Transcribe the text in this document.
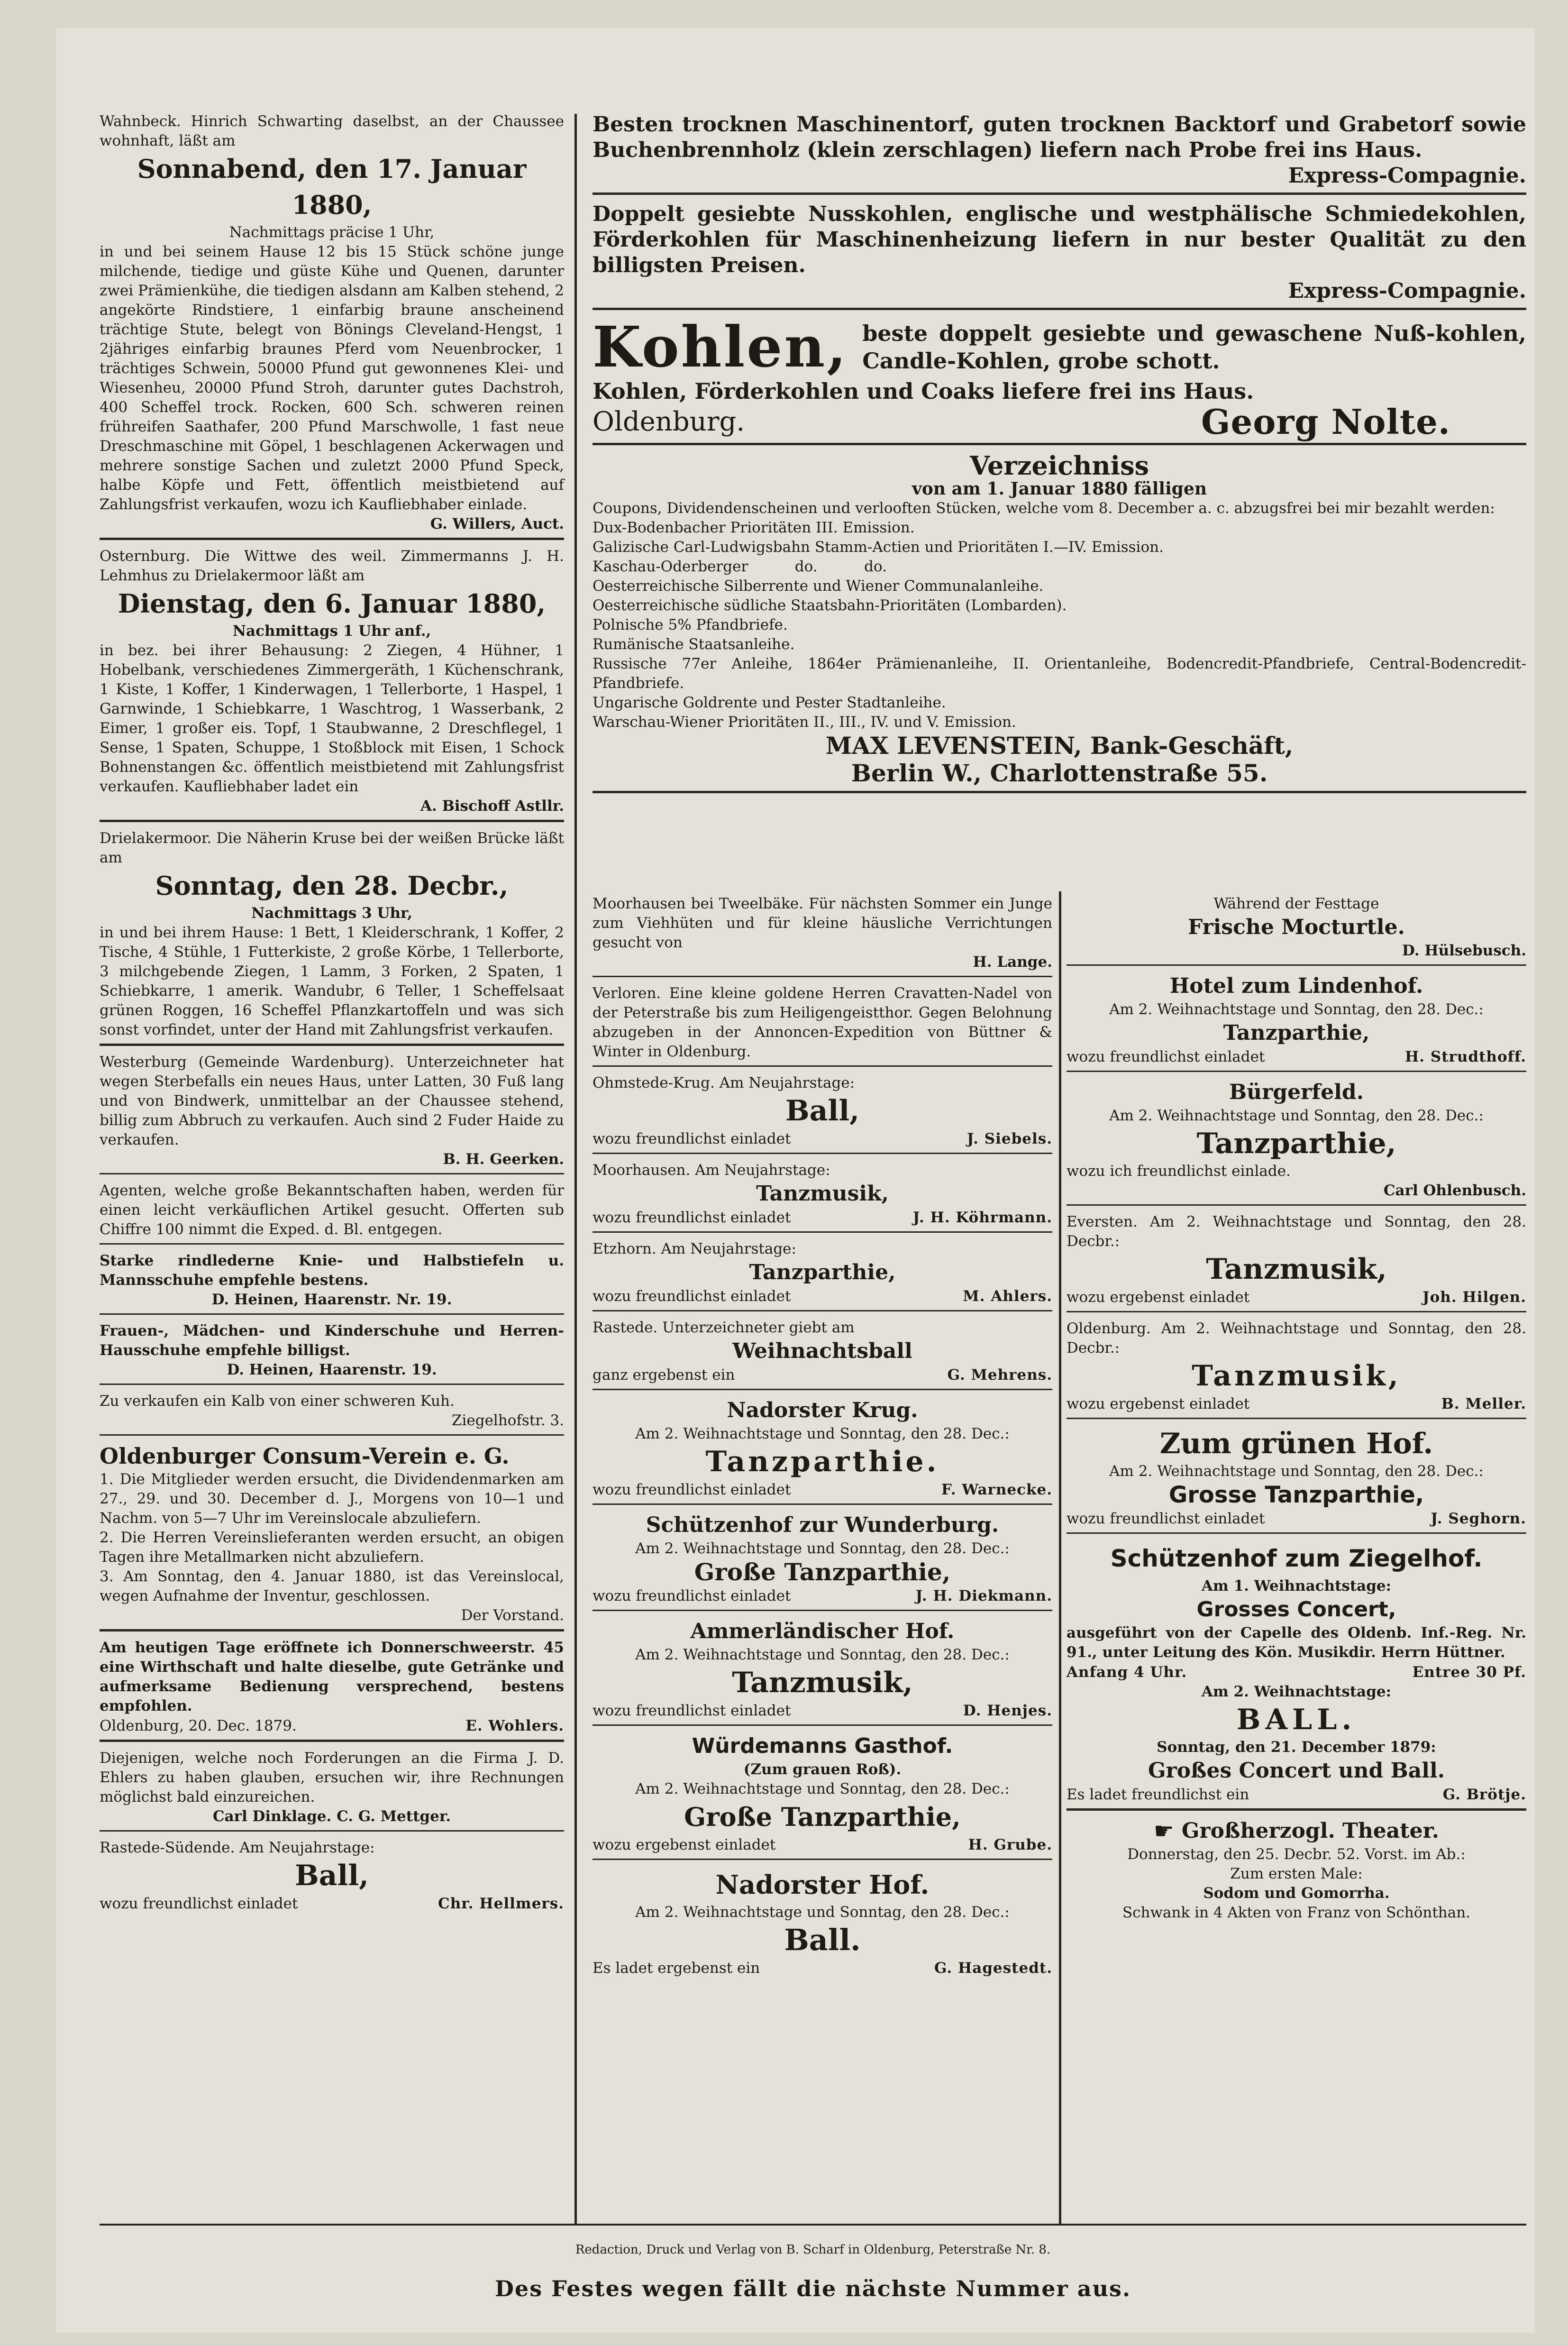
Wahnbeck. Hinrich Schwarting daselbst, an der Chaussee wohnhaft, läßt am

Sonnabend, den 17. Januar 1880,

Nachmittags präcise 1 Uhr,

in und bei seinem Hause 12 bis 15 Stück schöne junge milchende, tiedige und güste Kühe und Quenen, darunter zwei Prämienkühe, die tiedigen alsdann am Kalben stehend, 2 angekörte Rindstiere, 1 einfarbig braune anscheinend trächtige Stute, belegt von Bönings Cleveland-Hengst, 1 2jähriges einfarbig braunes Pferd vom Neuenbrocker, 1 trächtiges Schwein, 50000 Pfund gut gewonnenes Klei- und Wiesenheu, 20000 Pfund Stroh, darunter gutes Dachstroh, 400 Scheffel trock. Rocken, 600 Sch. schweren reinen frühreifen Saathafer, 200 Pfund Marschwolle, 1 fast neue Dreschmaschine mit Göpel, 1 beschlagenen Ackerwagen und mehrere sonstige Sachen und zuletzt 2000 Pfund Speck, halbe Köpfe und Fett, öffentlich meistbietend auf Zahlungsfrist verkaufen, wozu ich Kaufliebhaber einlade.

G. Willers, Auct.

Osternburg. Die Wittwe des weil. Zimmermanns J. H. Lehmhus zu Drielakermoor läßt am

Dienstag, den 6. Januar 1880,

Nachmittags 1 Uhr anf.,

in bez. bei ihrer Behausung: 2 Ziegen, 4 Hühner, 1 Hobelbank, verschiedenes Zimmergeräth, 1 Küchenschrank, 1 Kiste, 1 Koffer, 1 Kinderwagen, 1 Tellerborte, 1 Haspel, 1 Garnwinde, 1 Schiebkarre, 1 Waschtrog, 1 Wasserbank, 2 Eimer, 1 großer eis. Topf, 1 Staubwanne, 2 Dreschflegel, 1 Sense, 1 Spaten, Schuppe, 1 Stoßblock mit Eisen, 1 Schock Bohnenstangen &c. öffentlich meistbietend mit Zahlungsfrist verkaufen. Kaufliebhaber ladet ein

A. Bischoff Astllr.

Drielakermoor. Die Näherin Kruse bei der weißen Brücke läßt am

Sonntag, den 28. Decbr.,

Nachmittags 3 Uhr,

in und bei ihrem Hause: 1 Bett, 1 Kleiderschrank, 1 Koffer, 2 Tische, 4 Stühle, 1 Futterkiste, 2 große Körbe, 1 Tellerborte, 3 milchgebende Ziegen, 1 Lamm, 3 Forken, 2 Spaten, 1 Schiebkarre, 1 amerik. Wandubr, 6 Teller, 1 Scheffelsaat grünen Roggen, 16 Scheffel Pflanzkartoffeln und was sich sonst vorfindet, unter der Hand mit Zahlungsfrist verkaufen.

Westerburg (Gemeinde Wardenburg). Unterzeichneter hat wegen Sterbefalls ein neues Haus, unter Latten, 30 Fuß lang und von Bindwerk, unmittelbar an der Chaussee stehend, billig zum Abbruch zu verkaufen. Auch sind 2 Fuder Haide zu verkaufen.

B. H. Geerken.

Agenten, welche große Bekanntschaften haben, werden für einen leicht verkäuflichen Artikel gesucht. Offerten sub Chiffre 100 nimmt die Exped. d. Bl. entgegen.

Starke rindlederne Knie- und Halbstiefeln u. Mannsschuhe empfehle bestens.

D. Heinen, Haarenstr. Nr. 19.

Frauen-, Mädchen- und Kinderschuhe und Herren-Hausschuhe empfehle billigst.

D. Heinen, Haarenstr. 19.

Zu verkaufen ein Kalb von einer schweren Kuh.

Ziegelhofstr. 3.

Oldenburger Consum-Verein e. G.

1. Die Mitglieder werden ersucht, die Dividendenmarken am 27., 29. und 30. December d. J., Morgens von 10—1 und Nachm. von 5—7 Uhr im Vereinslocale abzuliefern.

2. Die Herren Vereinslieferanten werden ersucht, an obigen Tagen ihre Metallmarken nicht abzuliefern.

3. Am Sonntag, den 4. Januar 1880, ist das Vereinslocal, wegen Aufnahme der Inventur, geschlossen.

Der Vorstand.

Am heutigen Tage eröffnete ich Donnerschweerstr. 45 eine Wirthschaft und halte dieselbe, gute Getränke und aufmerksame Bedienung versprechend, bestens empfohlen.

Oldenburg, 20. Dec. 1879.	E. Wohlers.

Diejenigen, welche noch Forderungen an die Firma J. D. Ehlers zu haben glauben, ersuchen wir, ihre Rechnungen möglichst bald einzureichen.

Carl Dinklage. C. G. Mettger.

Rastede-Südende. Am Neujahrstage:

Ball,

wozu freundlichst einladet	Chr. Hellmers.

Besten trocknen Maschinentorf, guten trocknen Backtorf und Grabetorf sowie Buchenbrennholz (klein zerschlagen) liefern nach Probe frei ins Haus.

Express-Compagnie.

Doppelt gesiebte Nusskohlen, englische und westphälische Schmiedekohlen, Förderkohlen für Maschinenheizung liefern in nur bester Qualität zu den billigsten Preisen.

Express-Compagnie.

Kohlen, beste doppelt gesiebte und gewaschene Nuß-kohlen, Candle-Kohlen, grobe schott.

Kohlen, Förderkohlen und Coaks liefere frei ins Haus.

Oldenburg.	Georg Nolte.

Verzeichniss

von am 1. Januar 1880 fälligen

Coupons, Dividendenscheinen und verlooften Stücken, welche vom 8. December a. c. abzugsfrei bei mir bezahlt werden:

Dux-Bodenbacher Prioritäten III. Emission.

Galizische Carl-Ludwigsbahn Stamm-Actien und Prioritäten I.—IV. Emission.

Kaschau-Oderberger          do.          do.

Oesterreichische Silberrente und Wiener Communalanleihe.

Oesterreichische südliche Staatsbahn-Prioritäten (Lombarden).

Polnische 5% Pfandbriefe.

Rumänische Staatsanleihe.

Russische 77er Anleihe, 1864er Prämienanleihe, II. Orientanleihe, Bodencredit-Pfandbriefe, Central-Bodencredit-Pfandbriefe.

Ungarische Goldrente und Pester Stadtanleihe.

Warschau-Wiener Prioritäten II., III., IV. und V. Emission.

MAX LEVENSTEIN, Bank-Geschäft,

Berlin W., Charlottenstraße 55.

Moorhausen bei Tweelbäke. Für nächsten Sommer ein Junge zum Viehhüten und für kleine häusliche Verrichtungen gesucht von

H. Lange.

Verloren. Eine kleine goldene Herren Cravatten-Nadel von der Peterstraße bis zum Heiligengeistthor. Gegen Belohnung abzugeben in der Annoncen-Expedition von Büttner & Winter in Oldenburg.

Ohmstede-Krug. Am Neujahrstage:

Ball,

wozu freundlichst einladet	J. Siebels.

Moorhausen. Am Neujahrstage:

Tanzmusik,

wozu freundlichst einladet	J. H. Köhrmann.

Etzhorn. Am Neujahrstage:

Tanzparthie,

wozu freundlichst einladet	M. Ahlers.

Rastede. Unterzeichneter giebt am

Weihnachtsball

ganz ergebenst ein	G. Mehrens.

Nadorster Krug.

Am 2. Weihnachtstage und Sonntag, den 28. Dec.:

Tanzparthie.

wozu freundlichst einladet	F. Warnecke.

Schützenhof zur Wunderburg.

Am 2. Weihnachtstage und Sonntag, den 28. Dec.:

Große Tanzparthie,

wozu freundlichst einladet	J. H. Diekmann.

Ammerländischer Hof.

Am 2. Weihnachtstage und Sonntag, den 28. Dec.:

Tanzmusik,

wozu freundlichst einladet	D. Henjes.

Würdemanns Gasthof.

(Zum grauen Roß).

Am 2. Weihnachtstage und Sonntag, den 28. Dec.:

Große Tanzparthie,

wozu ergebenst einladet	H. Grube.

Nadorster Hof.

Am 2. Weihnachtstage und Sonntag, den 28. Dec.:

Ball.

Es ladet ergebenst ein	G. Hagestedt.

Während der Festtage

Frische Mocturtle.

D. Hülsebusch.

Hotel zum Lindenhof.

Am 2. Weihnachtstage und Sonntag, den 28. Dec.:

Tanzparthie,

wozu freundlichst einladet	H. Strudthoff.

Bürgerfeld.

Am 2. Weihnachtstage und Sonntag, den 28. Dec.:

Tanzparthie,

wozu ich freundlichst einlade.

Carl Ohlenbusch.

Eversten. Am 2. Weihnachtstage und Sonntag, den 28. Decbr.:

Tanzmusik,

wozu ergebenst einladet	Joh. Hilgen.

Oldenburg. Am 2. Weihnachtstage und Sonntag, den 28. Decbr.:

Tanzmusik,

wozu ergebenst einladet	B. Meller.

Zum grünen Hof.

Am 2. Weihnachtstage und Sonntag, den 28. Dec.:

Grosse Tanzparthie,

wozu freundlichst einladet	J. Seghorn.

Schützenhof zum Ziegelhof.

Am 1. Weihnachtstage:

Grosses Concert,

ausgeführt von der Capelle des Oldenb. Inf.-Reg. Nr. 91., unter Leitung des Kön. Musikdir. Herrn Hüttner.

Anfang 4 Uhr.	Entree 30 Pf.

Am 2. Weihnachtstage:

BALL.

Sonntag, den 21. December 1879:

Großes Concert und Ball.

Es ladet freundlichst ein	G. Brötje.
☛ Großherzogl. Theater.

Donnerstag, den 25. Decbr. 52. Vorst. im Ab.:

Zum ersten Male:

Sodom und Gomorrha.

Schwank in 4 Akten von Franz von Schönthan.

Redaction, Druck und Verlag von B. Scharf in Oldenburg, Peterstraße Nr. 8.
Des Festes wegen fällt die nächste Nummer aus.
